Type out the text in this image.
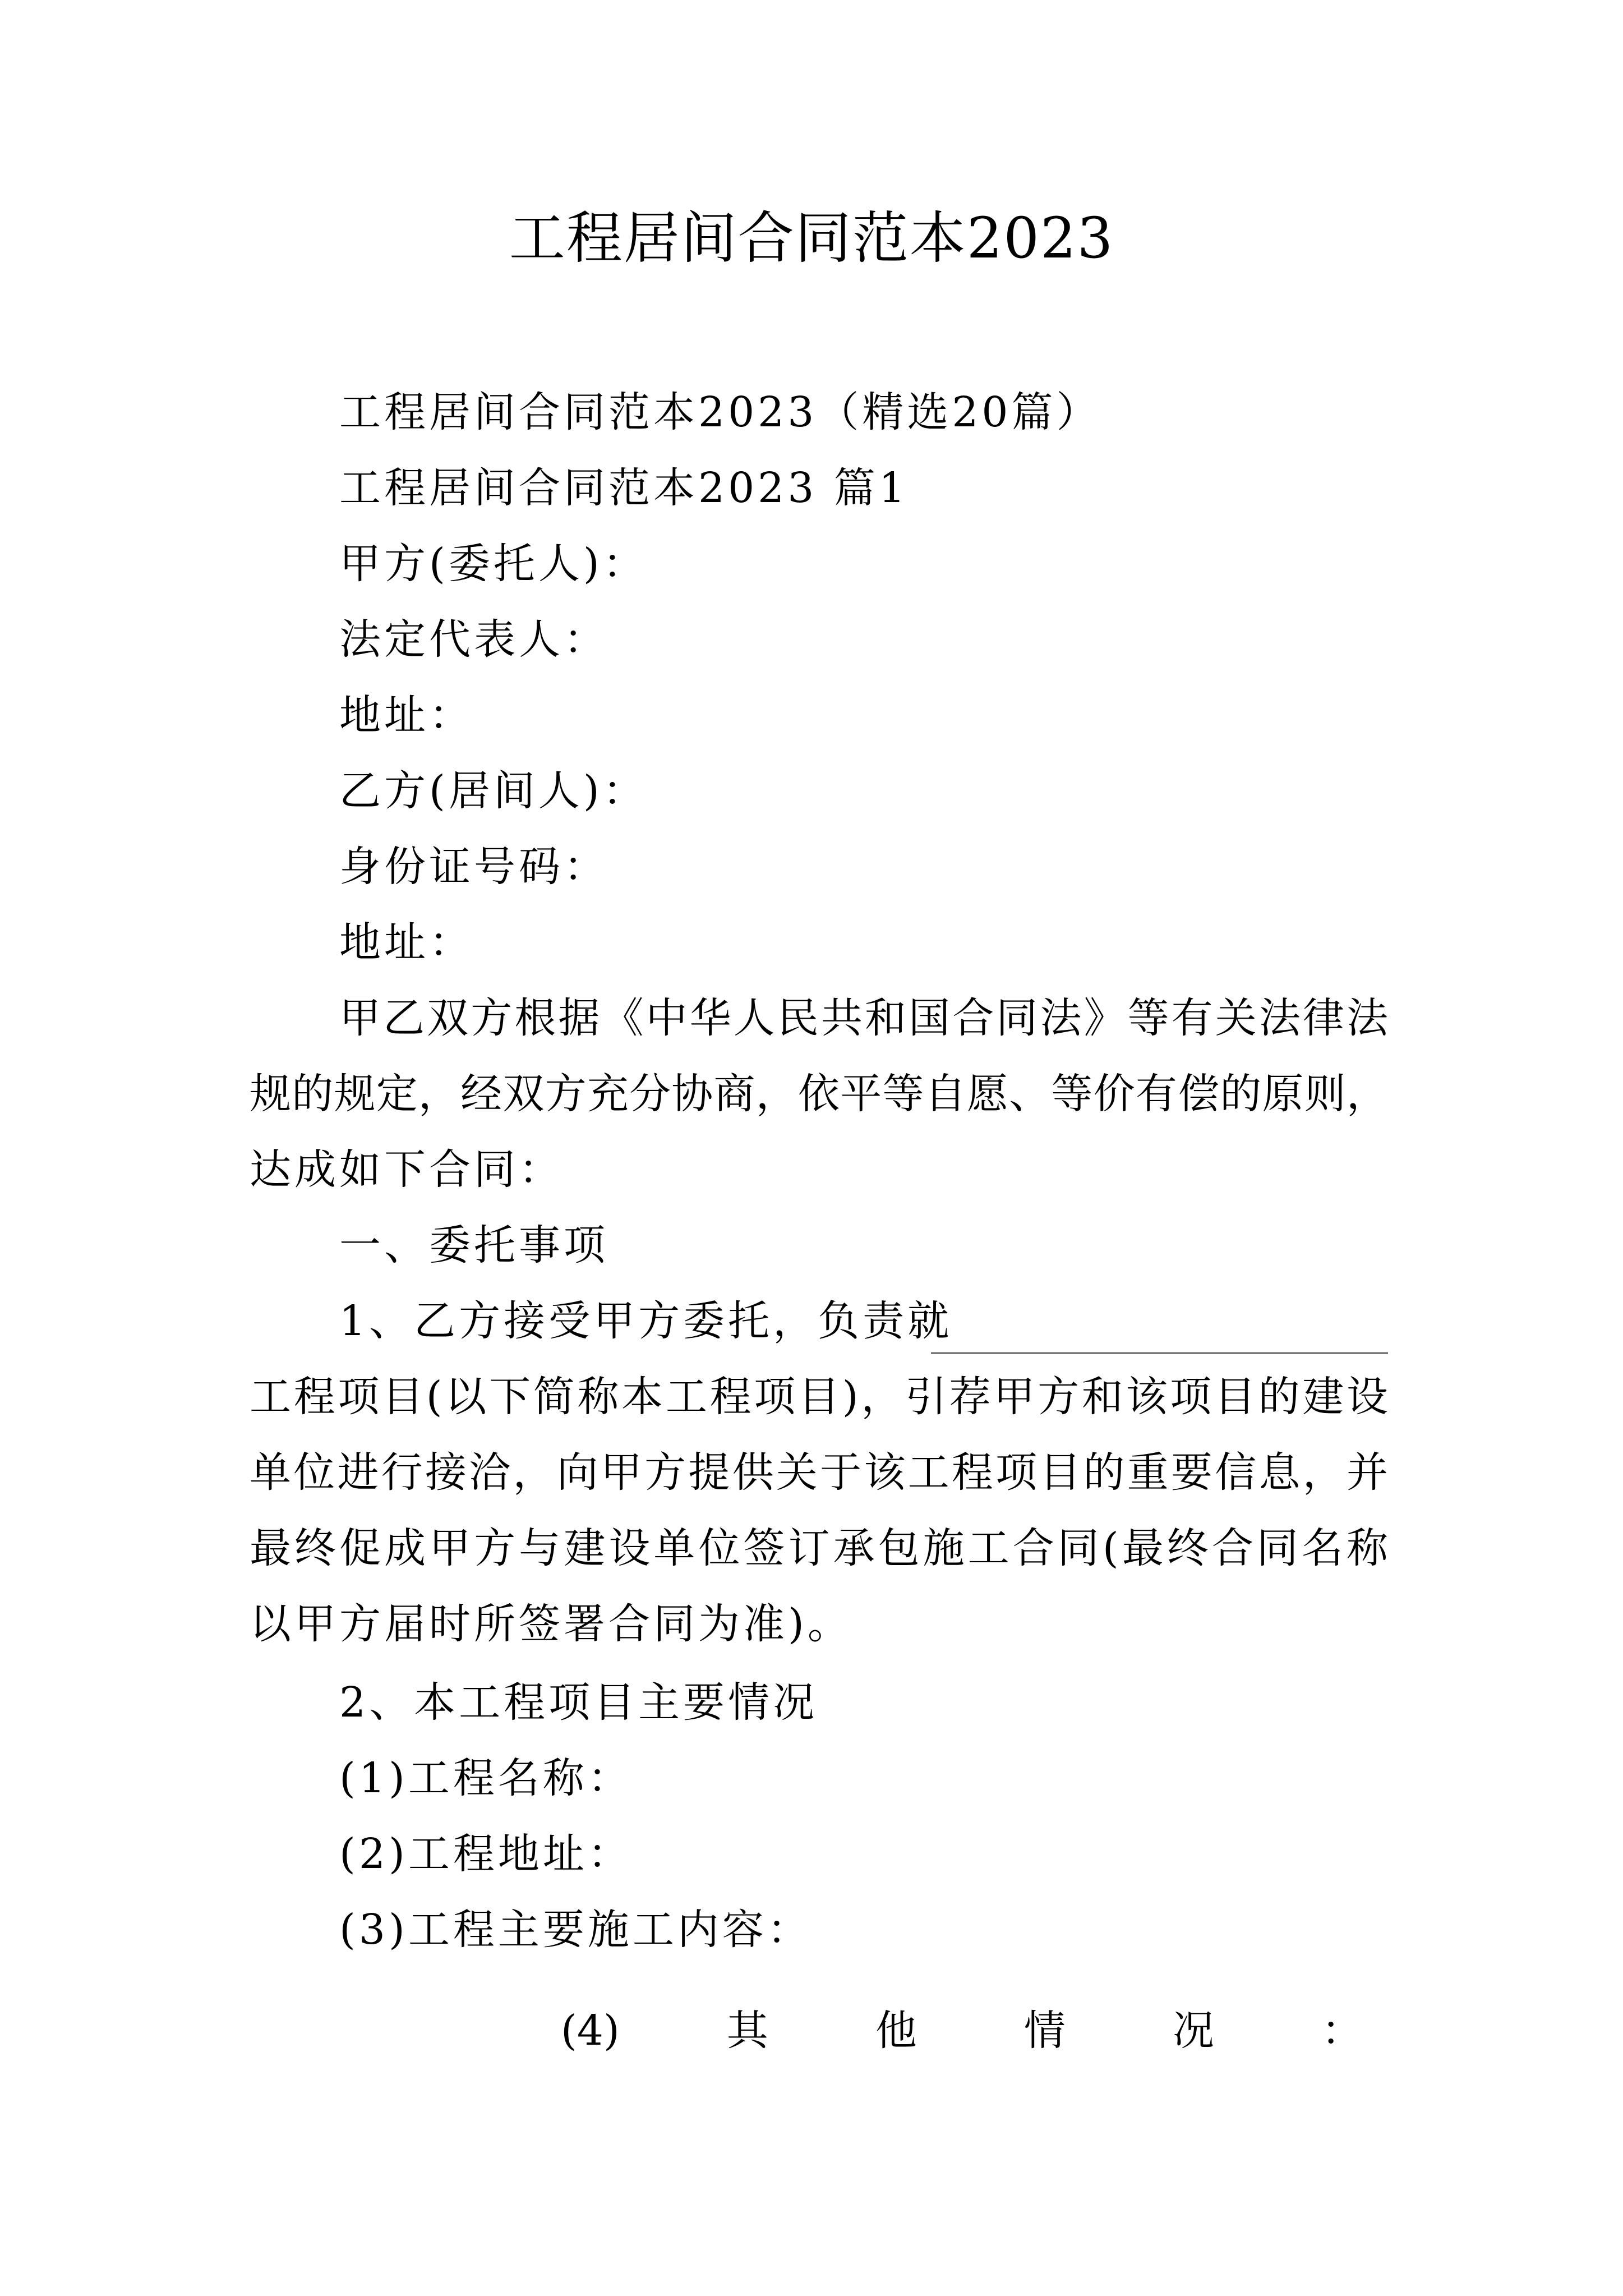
工程居间合同范本2023
工程居间合同范本2023（精选20篇）
工程居间合同范本2023 篇1
甲方(委托人)：
法定代表人：
地址：
乙方(居间人)：
身份证号码：
地址：
甲乙双方根据《中华人民共和国合同法》等有关法律法
规的规定，经双方充分协商，依平等自愿、等价有偿的原则，
达成如下合同：
一、委托事项
1、乙方接受甲方委托，负责就
工程项目(以下简称本工程项目)，引荐甲方和该项目的建设
单位进行接洽，向甲方提供关于该工程项目的重要信息，并
最终促成甲方与建设单位签订承包施工合同(最终合同名称
以甲方届时所签署合同为准)。
2、本工程项目主要情况
(1)工程名称：
(2)工程地址：
(3)工程主要施工内容：
(4)	其	他	情	况	：
